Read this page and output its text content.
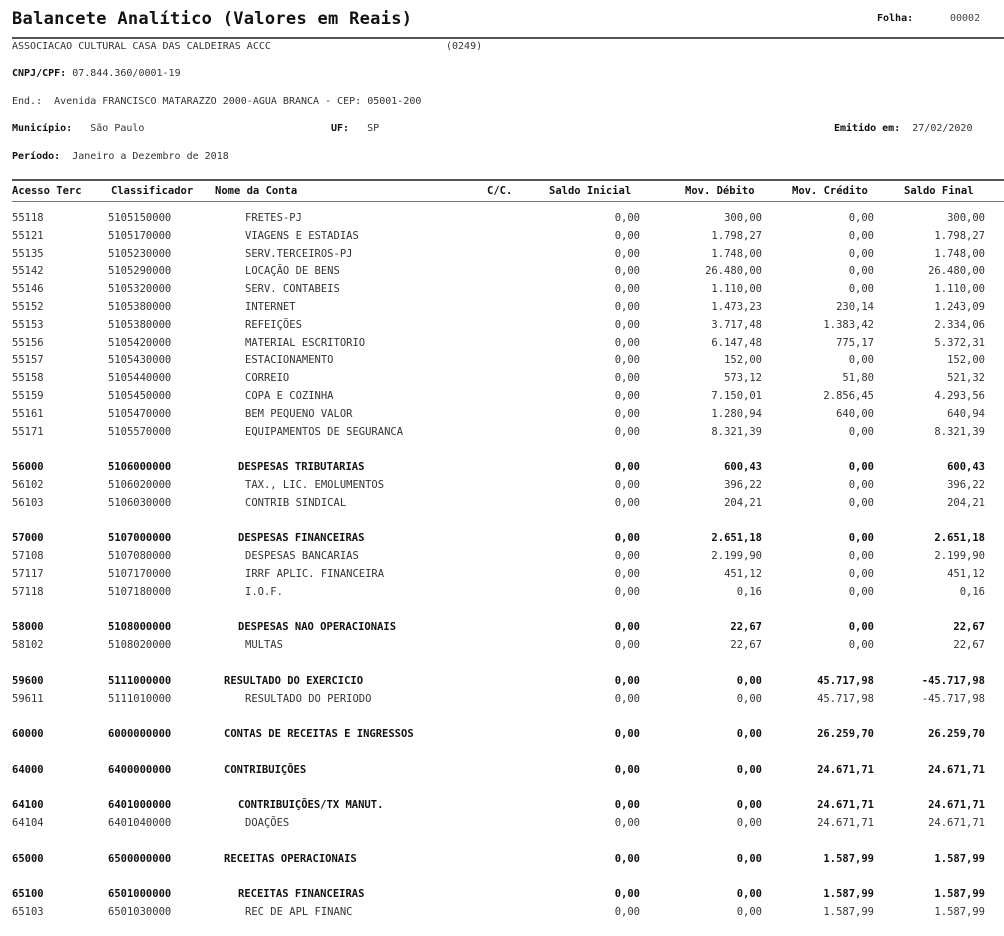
Balancete Analítico (Valores em Reais)	Folha:	00002
ASSOCIACAO CULTURAL CASA DAS CALDEIRAS ACCC	(0249)
CNPJ/CPF: 07.844.360/0001-19
End.: Avenida FRANCISCO MATARAZZO 2000-AGUA BRANCA - CEP: 05001-200
Município: São Paulo	UF: SP	Emitido em: 27/02/2020
Período: Janeiro a Dezembro de 2018
Acesso Terc	Classificador Nome da Conta	C/C.	Saldo Inicial	Mov. Débito	Mov. Crédito	Saldo Final
55118	5105150000	FRETES-PJ	0,00	300,00	0,00	300,00
55121	5105170000	VIAGENS E ESTADIAS	0,00	1.798,27	0,00	1.798,27
55135	5105230000	SERV.TERCEIROS-PJ	0,00	1.748,00	0,00	1.748,00
55142	5105290000	LOCAÇÃO DE BENS	0,00	26.480,00	0,00	26.480,00
55146	5105320000	SERV. CONTABEIS	0,00	1.110,00	0,00	1.110,00
55152	5105380000	INTERNET	0,00	1.473,23	230,14	1.243,09
55153	5105380000	REFEIÇÕES	0,00	3.717,48	1.383,42	2.334,06
55156	5105420000	MATERIAL ESCRITORIO	0,00	6.147,48	775,17	5.372,31
55157	5105430000	ESTACIONAMENTO	0,00	152,00	0,00	152,00
55158	5105440000	CORREIO	0,00	573,12	51,80	521,32
55159	5105450000	COPA E COZINHA	0,00	7.150,01	2.856,45	4.293,56
55161	5105470000	BEM PEQUENO VALOR	0,00	1.280,94	640,00	640,94
55171	5105570000	EQUIPAMENTOS DE SEGURANCA	0,00	8.321,39	0,00	8.321,39
56000	5106000000	DESPESAS TRIBUTARIAS	0,00	600,43	0,00	600,43
56102	5106020000	TAX., LIC. EMOLUMENTOS	0,00	396,22	0,00	396,22
56103	5106030000	CONTRIB SINDICAL	0,00	204,21	0,00	204,21
57000	5107000000	DESPESAS FINANCEIRAS	0,00	2.651,18	0,00	2.651,18
57108	5107080000	DESPESAS BANCARIAS	0,00	2.199,90	0,00	2.199,90
57117	5107170000	IRRF APLIC. FINANCEIRA	0,00	451,12	0,00	451,12
57118	5107180000	I.O.F.	0,00	0,16	0,00	0,16
58000	5108000000	DESPESAS NAO OPERACIONAIS	0,00	22,67	0,00	22,67
58102	5108020000	MULTAS	0,00	22,67	0,00	22,67
59600	5111000000	RESULTADO DO EXERCICIO	0,00	0,00	45.717,98	-45.717,98
59611	5111010000	RESULTADO DO PERIODO	0,00	0,00	45.717,98	-45.717,98
60000	6000000000	CONTAS DE RECEITAS E INGRESSOS	0,00	0,00	26.259,70	26.259,70
64000	6400000000	CONTRIBUIÇÕES	0,00	0,00	24.671,71	24.671,71
64100	6401000000	CONTRIBUIÇÕES/TX MANUT.	0,00	0,00	24.671,71	24.671,71
64104	6401040000	DOAÇÕES	0,00	0,00	24.671,71	24.671,71
65000	6500000000	RECEITAS OPERACIONAIS	0,00	0,00	1.587,99	1.587,99
65100	6501000000	RECEITAS FINANCEIRAS	0,00	0,00	1.587,99	1.587,99
65103	6501030000	REC DE APL FINANC	0,00	0,00	1.587,99	1.587,99
